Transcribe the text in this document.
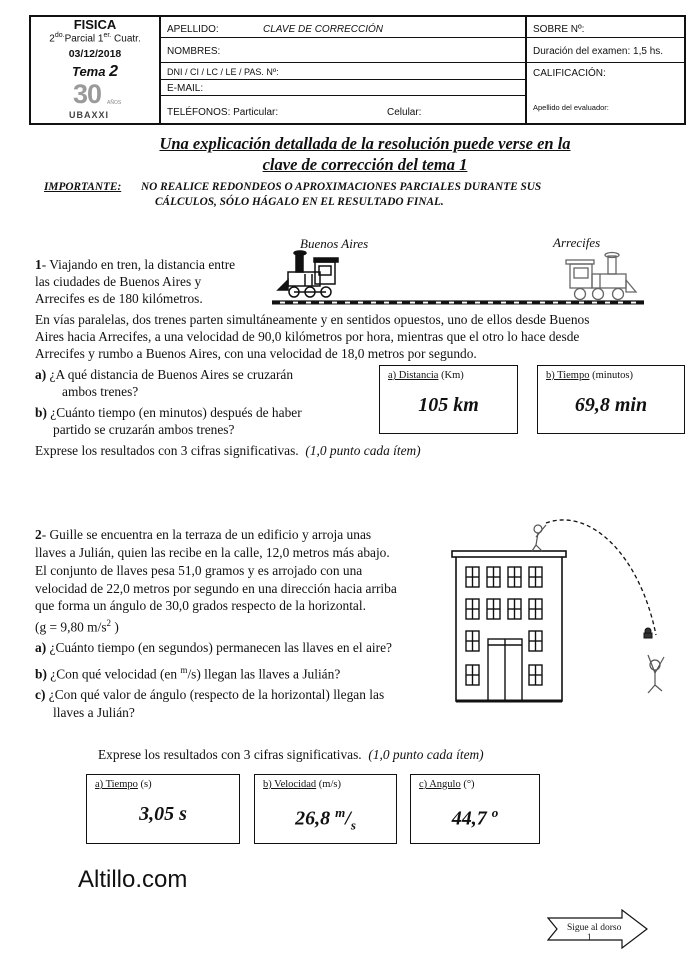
FISICA
$2^{do.}Parcial$ $1^{er.}$ Cuatr.
03/12/2018
Tema 2
30 AÑOS
UBAXXI
APELLIDO:	CLAVE DE CORRECCIÓN
NOMBRES:
DNI / CI / LC / LE / PAS. Nº:
E-MAIL:
TELÉFONOS: Particular:	Celular:
SOBRE Nº:
Duración del examen: 1,5 hs.
CALIFICACIÓN:
Apellido del evaluador:
Una explicación detallada de la resolución puede verse en la
clave de corrección del tema 1
IMPORTANTE: NO REALICE REDONDEOS O APROXIMACIONES PARCIALES DURANTE SUS
CÁLCULOS, SÓLO HÁGALO EN EL RESULTADO FINAL.
Buenos Aires	Arrecifes
1- Viajando en tren, la distancia entre
las ciudades de Buenos Aires y
Arrecifes es de 180 kilómetros.
En vías paralelas, dos trenes parten simultáneamente y en sentidos opuestos, uno de ellos desde Buenos
Aires hacia Arrecifes, a una velocidad de 90,0 kilómetros por hora, mientras que el otro lo hace desde
Arrecifes y rumbo a Buenos Aires, con una velocidad de 18,0 metros por segundo.
a) ¿A qué distancia de Buenos Aires se cruzarán
ambos trenes?
b) ¿Cuánto tiempo (en minutos) después de haber
partido se cruzarán ambos trenes?
Exprese los resultados con 3 cifras significativas. (1,0 punto cada ítem)
a) Distancia (Km)
105 km
b) Tiempo (minutos)
69,8 min
2- Guille se encuentra en la terraza de un edificio y arroja unas
llaves a Julián, quien las recibe en la calle, 12,0 metros más abajo.
El conjunto de llaves pesa 51,0 gramos y es arrojado con una
velocidad de 22,0 metros por segundo en una dirección hacia arriba
que forma un ángulo de 30,0 grados respecto de la horizontal.
(g = 9,80 $m/s^2$ )
a) ¿Cuánto tiempo (en segundos) permanecen las llaves en el aire?
b) ¿Con qué velocidad (en $^m$/s) llegan las llaves a Julián?
c) ¿Con qué valor de ángulo (respecto de la horizontal) llegan las
llaves a Julián?
Exprese los resultados con 3 cifras significativas. (1,0 punto cada ítem)
a) Tiempo (s)
3,05 s
b) Velocidad (m/s)
26,8 $^m/_s$
c) Angulo (°)
44,7 $^o$
Altillo.com
Sigue al dorso
1
